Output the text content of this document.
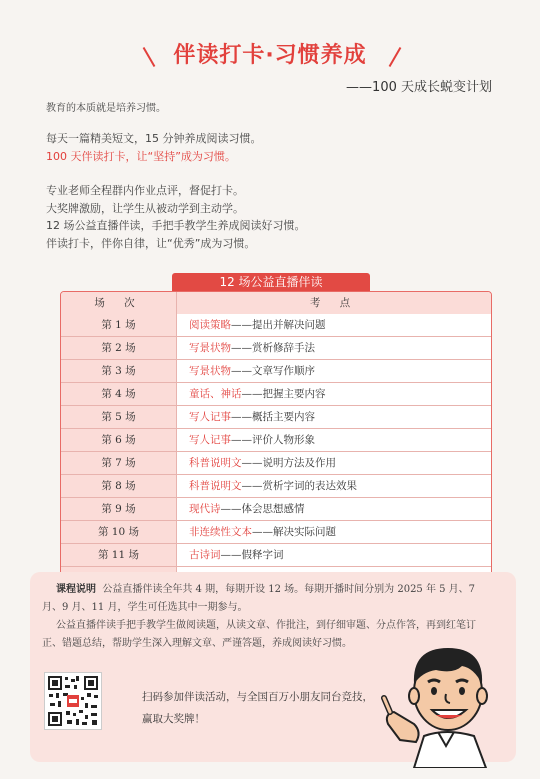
伴读打卡·习惯养成
——100 天成长蜕变计划
教育的本质就是培养习惯。
每天一篇精美短文，15 分钟养成阅读习惯。
100 天伴读打卡，让“坚持”成为习惯。
专业老师全程群内作业点评，督促打卡。
大奖牌激励，让学生从被动学到主动学。
12 场公益直播伴读，手把手教学生养成阅读好习惯。
伴读打卡，伴你自律，让“优秀”成为习惯。
12 场公益直播伴读
场 次	考 点
第 1 场	阅读策略——提出并解决问题
第 2 场	写景状物——赏析修辞手法
第 3 场	写景状物——文章写作顺序
第 4 场	童话、神话——把握主要内容
第 5 场	写人记事——概括主要内容
第 6 场	写人记事——评价人物形象
第 7 场	科普说明文——说明方法及作用
第 8 场	科普说明文——赏析字词的表达效果
第 9 场	现代诗——体会思想感情
第 10 场	非连续性文本——解决实际问题
第 11 场	古诗词——假释字词
课程说明 公益直播伴读全年共 4 期，每期开设 12 场。每期开播时间分别为 2025 年 5 月、7 月、9 月、11 月，学生可任选其中一期参与。
公益直播伴读手把手教学生做阅读题，从读文章、作批注，到仔细审题、分点作答，再到红笔订正、错题总结，帮助学生深入理解文章、严谨答题，养成阅读好习惯。
扫码参加伴读活动，与全国百万小朋友同台竞技，
赢取大奖牌！
